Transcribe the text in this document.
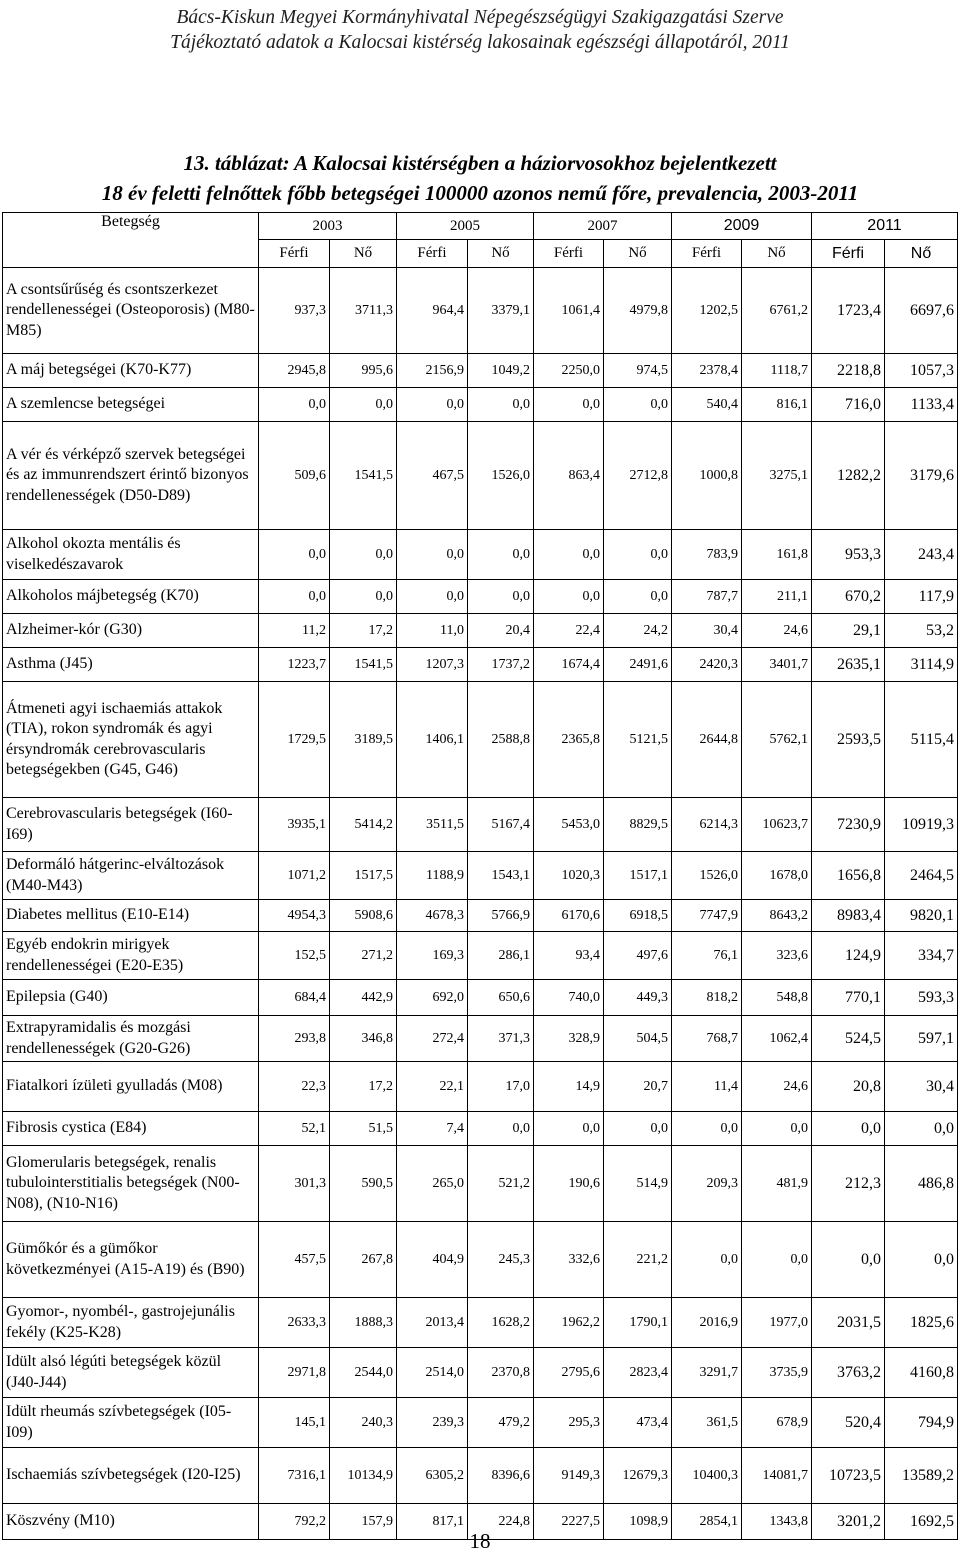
Bács-Kiskun Megyei Kormányhivatal Népegészségügyi Szakigazgatási Szerve
Tájékoztató adatok a Kalocsai kistérség lakosainak egészségi állapotáról, 2011
13. táblázat: A Kalocsai kistérségben a háziorvosokhoz bejelentkezett
18 év feletti felnőttek főbb betegségei 100000 azonos nemű főre, prevalencia, 2003-2011
Betegség	2003		2005		2007		2009		2011	
	Férfi	Nő	Férfi	Nő	Férfi	Nő	Férfi	Nő	Férfi	Nő
A csontsűrűség és csontszerkezet rendellenességei (Osteoporosis) (M80-M85)	937,3	3711,3	964,4	3379,1	1061,4	4979,8	1202,5	6761,2	1723,4	6697,6
A máj betegségei (K70-K77)	2945,8	995,6	2156,9	1049,2	2250,0	974,5	2378,4	1118,7	2218,8	1057,3
A szemlencse betegségei	0,0	0,0	0,0	0,0	0,0	0,0	540,4	816,1	716,0	1133,4
A vér és vérképző szervek betegségei és az immunrendszert érintő bizonyos rendellenességek (D50-D89)	509,6	1541,5	467,5	1526,0	863,4	2712,8	1000,8	3275,1	1282,2	3179,6
Alkohol okozta mentális és viselkedészavarok	0,0	0,0	0,0	0,0	0,0	0,0	783,9	161,8	953,3	243,4
Alkoholos májbetegség (K70)	0,0	0,0	0,0	0,0	0,0	0,0	787,7	211,1	670,2	117,9
Alzheimer-kór (G30)	11,2	17,2	11,0	20,4	22,4	24,2	30,4	24,6	29,1	53,2
Asthma (J45)	1223,7	1541,5	1207,3	1737,2	1674,4	2491,6	2420,3	3401,7	2635,1	3114,9
Átmeneti agyi ischaemiás attakok (TIA), rokon syndromák és agyi érsyndromák cerebrovascularis betegségekben (G45, G46)	1729,5	3189,5	1406,1	2588,8	2365,8	5121,5	2644,8	5762,1	2593,5	5115,4
Cerebrovascularis betegségek (I60-I69)	3935,1	5414,2	3511,5	5167,4	5453,0	8829,5	6214,3	10623,7	7230,9	10919,3
Deformáló hátgerinc-elváltozások (M40-M43)	1071,2	1517,5	1188,9	1543,1	1020,3	1517,1	1526,0	1678,0	1656,8	2464,5
Diabetes mellitus (E10-E14)	4954,3	5908,6	4678,3	5766,9	6170,6	6918,5	7747,9	8643,2	8983,4	9820,1
Egyéb endokrin mirigyek rendellenességei (E20-E35)	152,5	271,2	169,3	286,1	93,4	497,6	76,1	323,6	124,9	334,7
Epilepsia (G40)	684,4	442,9	692,0	650,6	740,0	449,3	818,2	548,8	770,1	593,3
Extrapyramidalis és mozgási rendellenességek (G20-G26)	293,8	346,8	272,4	371,3	328,9	504,5	768,7	1062,4	524,5	597,1
Fiatalkori ízületi gyulladás (M08)	22,3	17,2	22,1	17,0	14,9	20,7	11,4	24,6	20,8	30,4
Fibrosis cystica (E84)	52,1	51,5	7,4	0,0	0,0	0,0	0,0	0,0	0,0	0,0
Glomerularis betegségek, renalis tubulointerstitialis betegségek (N00-N08), (N10-N16)	301,3	590,5	265,0	521,2	190,6	514,9	209,3	481,9	212,3	486,8
Gümőkór és a gümőkor következményei (A15-A19) és (B90)	457,5	267,8	404,9	245,3	332,6	221,2	0,0	0,0	0,0	0,0
Gyomor-, nyombél-, gastrojejunális fekély (K25-K28)	2633,3	1888,3	2013,4	1628,2	1962,2	1790,1	2016,9	1977,0	2031,5	1825,6
Idült alsó légúti betegségek közül (J40-J44)	2971,8	2544,0	2514,0	2370,8	2795,6	2823,4	3291,7	3735,9	3763,2	4160,8
Idült rheumás szívbetegségek (I05-I09)	145,1	240,3	239,3	479,2	295,3	473,4	361,5	678,9	520,4	794,9
Ischaemiás szívbetegségek (I20-I25)	7316,1	10134,9	6305,2	8396,6	9149,3	12679,3	10400,3	14081,7	10723,5	13589,2
Köszvény (M10)	792,2	157,9	817,1	224,8	2227,5	1098,9	2854,1	1343,8	3201,2	1692,5
18
